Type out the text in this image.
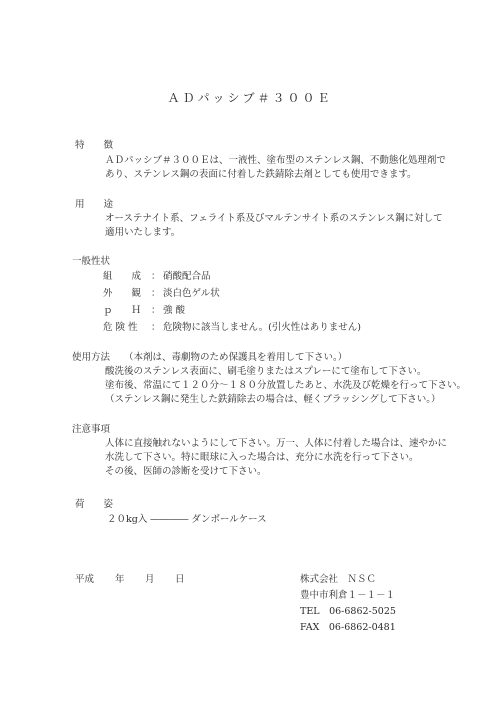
ＡＤパッシブ＃３００Ｅ
特　　徴
ＡＤパッシブ＃３００Ｅは、一液性、塗布型のステンレス鋼、不動態化処理剤で
あり、ステンレス鋼の表面に付着した鉄錆除去剤としても使用できます。
用　　途
オーステナイト系、フェライト系及びマルテンサイト系のステンレス鋼に対して
適用いたします。
一般性状
組　　成 ： 硝酸配合品
外　　観 ： 淡白色ゲル状
ｐ　　Ｈ ： 強 酸
危 険 性 ： 危険物に該当しません。(引火性はありません)
使用方法 （本剤は、毒劇物のため保護具を着用して下さい。）
酸洗後のステンレス表面に、刷毛塗りまたはスプレーにて塗布して下さい。
塗布後、常温にて１２０分～１８０分放置したあと、水洗及び乾燥を行って下さい。
（ステンレス鋼に発生した鉄錆除去の場合は、軽くブラッシングして下さい。）
注意事項
人体に直接触れないようにして下さい。万一、人体に付着した場合は、速やかに
水洗して下さい。特に眼球に入った場合は、充分に水洗を行って下さい。
その後、医師の診断を受けて下さい。
荷　　姿
２０kg入 ―――― ダンボールケース
平成 年 月 日	株式会社　ＮＳＣ
豊中市利倉１－１－１
TEL　06-6862-5025
FAX　06-6862-0481
